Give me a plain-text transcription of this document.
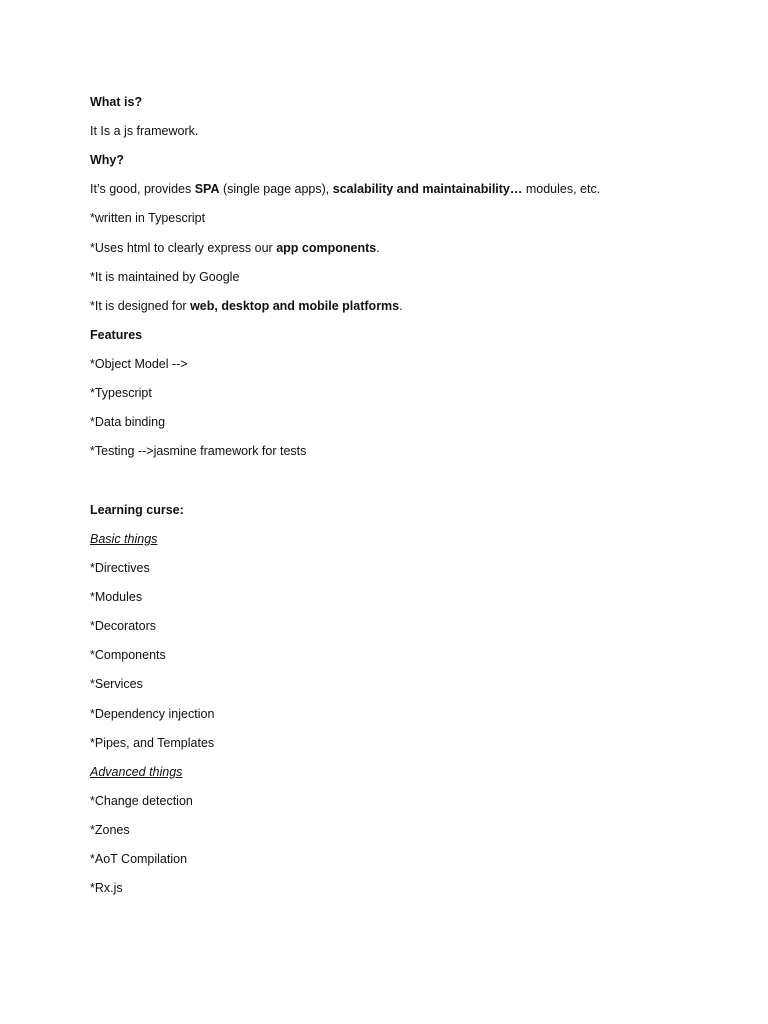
What is?
It Is a js framework.
Why?
It’s good, provides SPA (single page apps), scalability and maintainability… modules, etc.
*written in Typescript
*Uses html to clearly express our app components.
*It is maintained by Google
*It is designed for web, desktop and mobile platforms.
Features
*Object Model -->
*Typescript
*Data binding
*Testing -->jasmine framework for tests
Learning curse:
Basic things
*Directives
*Modules
*Decorators
*Components
*Services
*Dependency injection
*Pipes, and Templates
Advanced things
*Change detection
*Zones
*AoT Compilation
*Rx.js
